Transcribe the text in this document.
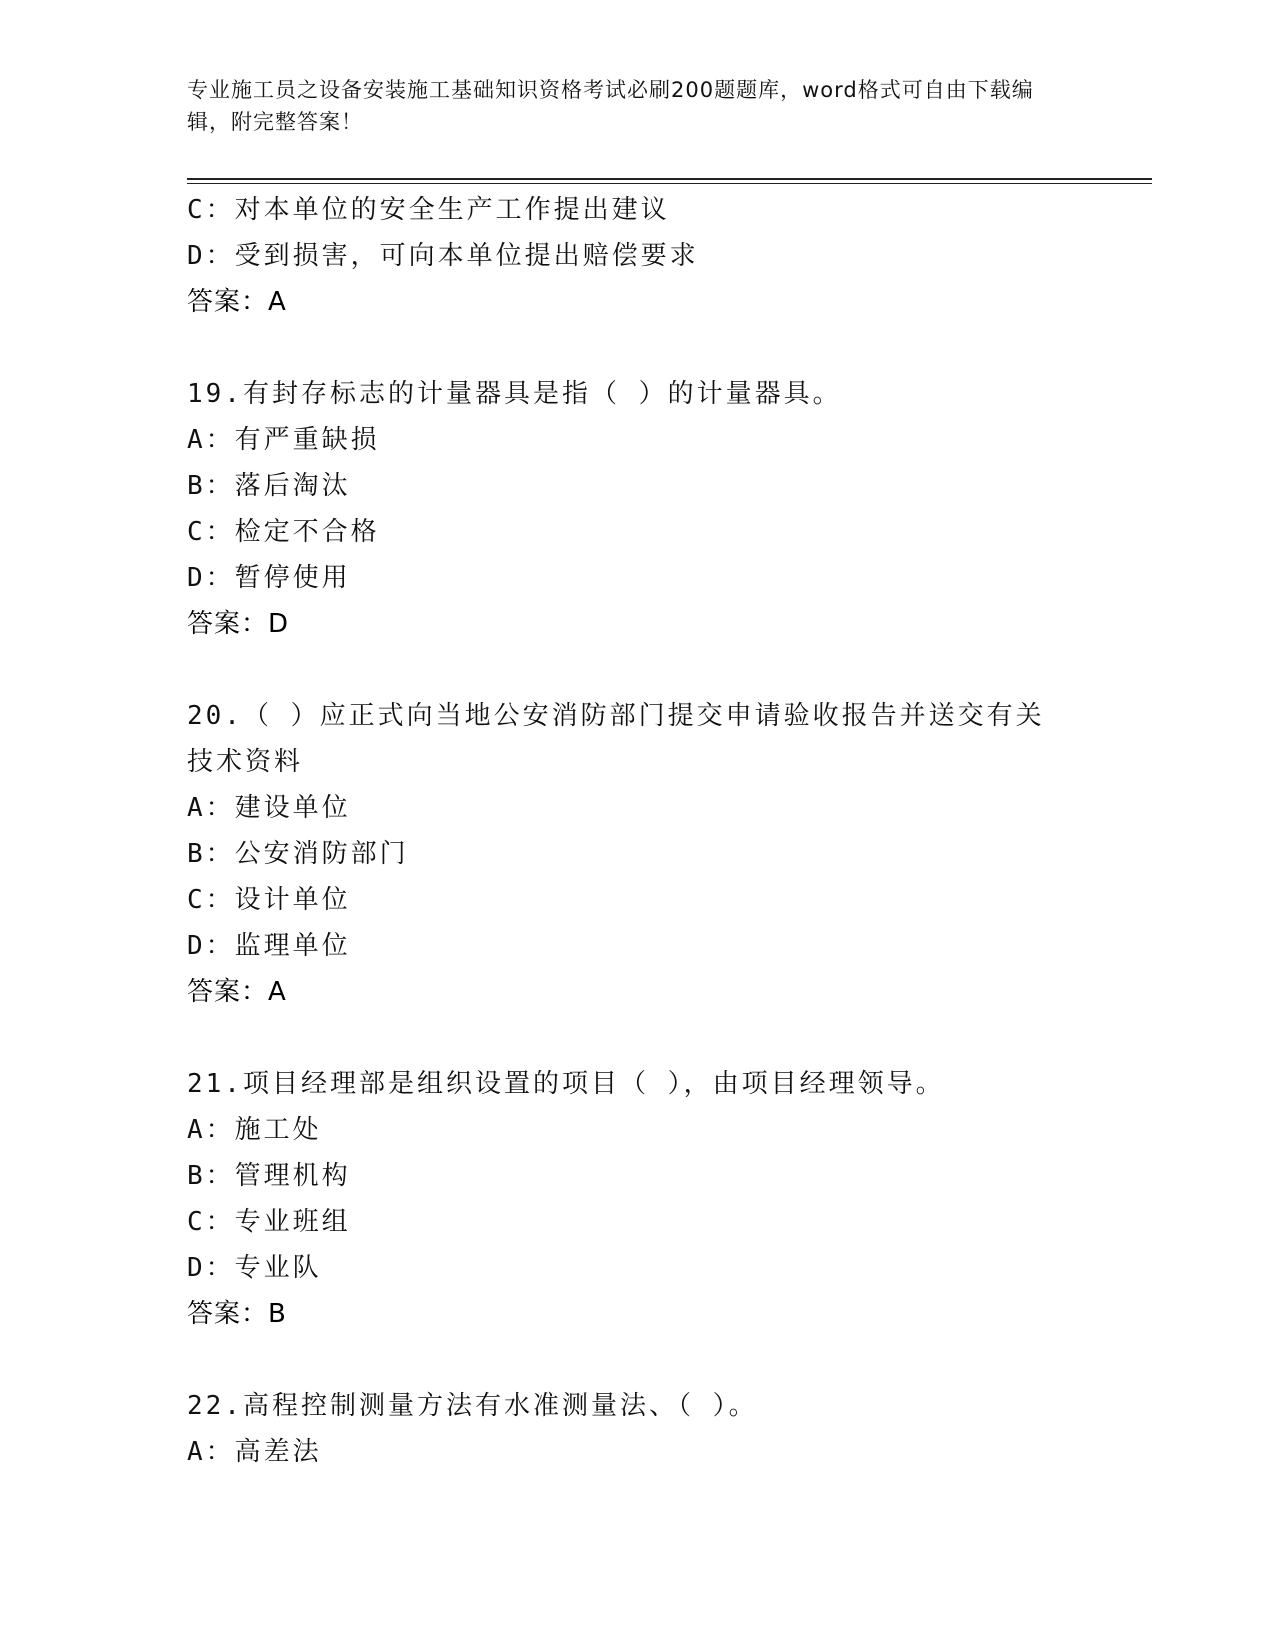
专业施工员之设备安装施工基础知识资格考试必刷200题题库，word格式可自由下载编辑，附完整答案！
C：对本单位的安全生产工作提出建议
D：受到损害，可向本单位提出赔偿要求
答案：A
19.有封存标志的计量器具是指（ ）的计量器具。
A：有严重缺损
B：落后淘汰
C：检定不合格
D：暂停使用
答案：D
20.（ ）应正式向当地公安消防部门提交申请验收报告并送交有关技术资料
A：建设单位
B：公安消防部门
C：设计单位
D：监理单位
答案：A
21.项目经理部是组织设置的项目（ ），由项目经理领导。
A：施工处
B：管理机构
C：专业班组
D：专业队
答案：B
22.高程控制测量方法有水准测量法、（ ）。
A：高差法
